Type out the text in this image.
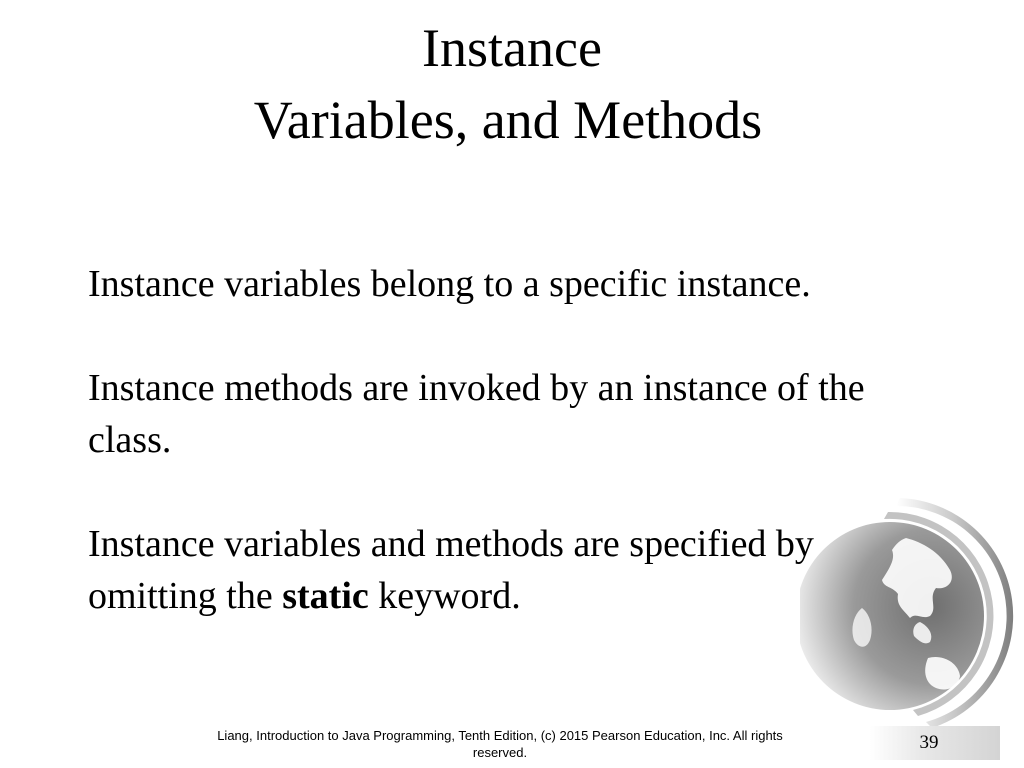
Instance
Variables, and Methods

Instance variables belong to a specific instance.

Instance methods are invoked by an instance of the class.

Instance variables and methods are specified by omitting the static keyword.

Liang, Introduction to Java Programming, Tenth Edition, (c) 2015 Pearson Education, Inc. All rights reserved.	39
